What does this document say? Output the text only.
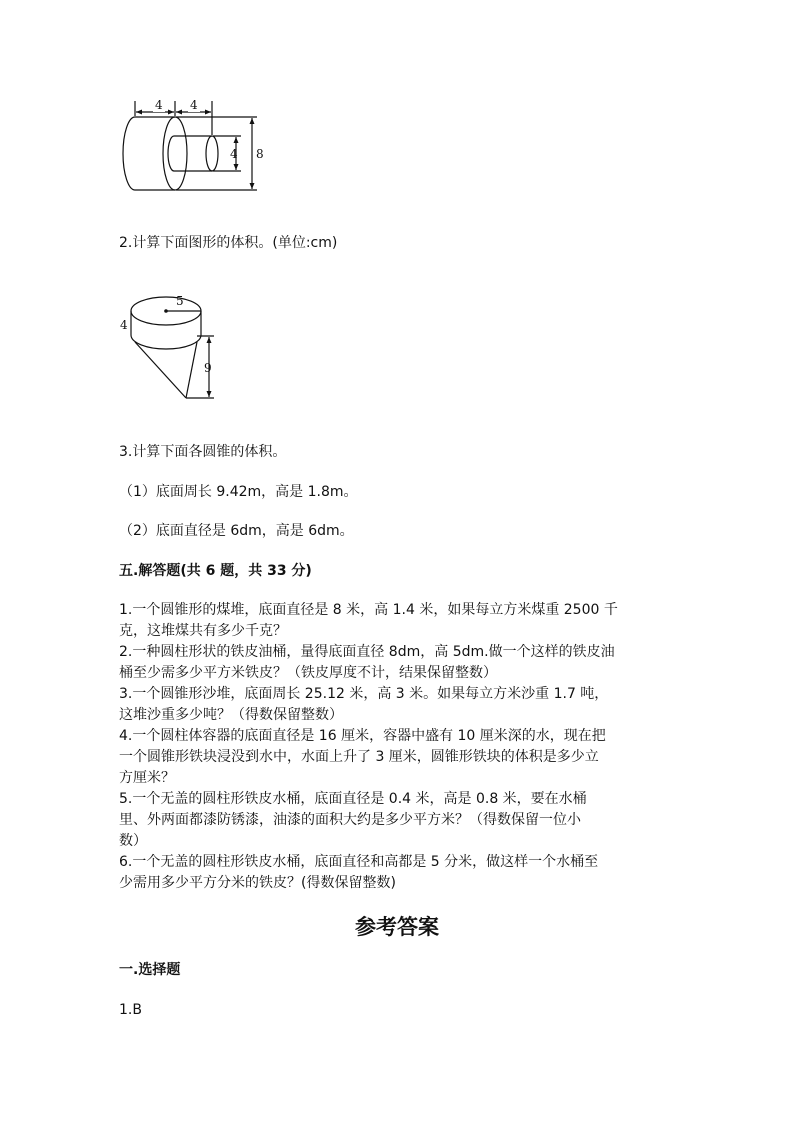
4 4
4 8
2.计算下面图形的体积。(单位:cm)
5
4
9
3.计算下面各圆锥的体积。
（1）底面周长 9.42m，高是 1.8m。
（2）底面直径是 6dm，高是 6dm。
五.解答题(共 6 题，共 33 分)
1.一个圆锥形的煤堆，底面直径是 8 米，高 1.4 米，如果每立方米煤重 2500 千
克，这堆煤共有多少千克？
2.一种圆柱形状的铁皮油桶，量得底面直径 8dm，高 5dm.做一个这样的铁皮油
桶至少需多少平方米铁皮？（铁皮厚度不计，结果保留整数）
3.一个圆锥形沙堆，底面周长 25.12 米，高 3 米。如果每立方米沙重 1.7 吨，
这堆沙重多少吨？（得数保留整数）
4.一个圆柱体容器的底面直径是 16 厘米，容器中盛有 10 厘米深的水，现在把
一个圆锥形铁块浸没到水中，水面上升了 3 厘米，圆锥形铁块的体积是多少立
方厘米？
5.一个无盖的圆柱形铁皮水桶，底面直径是 0.4 米，高是 0.8 米，要在水桶
里、外两面都漆防锈漆，油漆的面积大约是多少平方米？（得数保留一位小
数）
6.一个无盖的圆柱形铁皮水桶，底面直径和高都是 5 分米，做这样一个水桶至
少需用多少平方分米的铁皮？(得数保留整数)
参考答案
一.选择题
1.B
